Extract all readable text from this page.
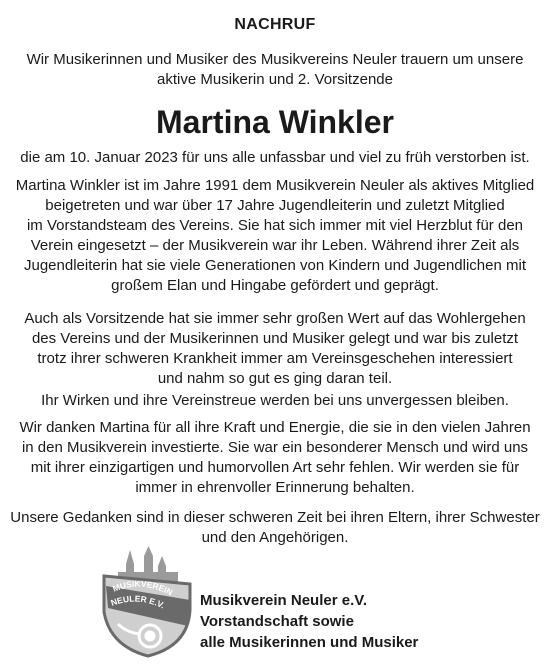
NACHRUF
Wir Musikerinnen und Musiker des Musikvereins Neuler trauern um unsere
aktive Musikerin und 2. Vorsitzende
Martina Winkler
die am 10. Januar 2023 für uns alle unfassbar und viel zu früh verstorben ist.
Martina Winkler ist im Jahre 1991 dem Musikverein Neuler als aktives Mitglied
beigetreten und war über 17 Jahre Jugendleiterin und zuletzt Mitglied
im Vorstandsteam des Vereins. Sie hat sich immer mit viel Herzblut für den
Verein eingesetzt – der Musikverein war ihr Leben. Während ihrer Zeit als
Jugendleiterin hat sie viele Generationen von Kindern und Jugendlichen mit
großem Elan und Hingabe gefördert und geprägt.
Auch als Vorsitzende hat sie immer sehr großen Wert auf das Wohlergehen
des Vereins und der Musikerinnen und Musiker gelegt und war bis zuletzt
trotz ihrer schweren Krankheit immer am Vereinsgeschehen interessiert
und nahm so gut es ging daran teil.
Ihr Wirken und ihre Vereinstreue werden bei uns unvergessen bleiben.
Wir danken Martina für all ihre Kraft und Energie, die sie in den vielen Jahren
in den Musikverein investierte. Sie war ein besonderer Mensch und wird uns
mit ihrer einzigartigen und humorvollen Art sehr fehlen. Wir werden sie für
immer in ehrenvoller Erinnerung behalten.
Unsere Gedanken sind in dieser schweren Zeit bei ihren Eltern, ihrer Schwester
und den Angehörigen.
MUSIKVEREIN
NEULER E.V. Musikverein Neuler e.V.
Vorstandschaft sowie
alle Musikerinnen und Musiker
